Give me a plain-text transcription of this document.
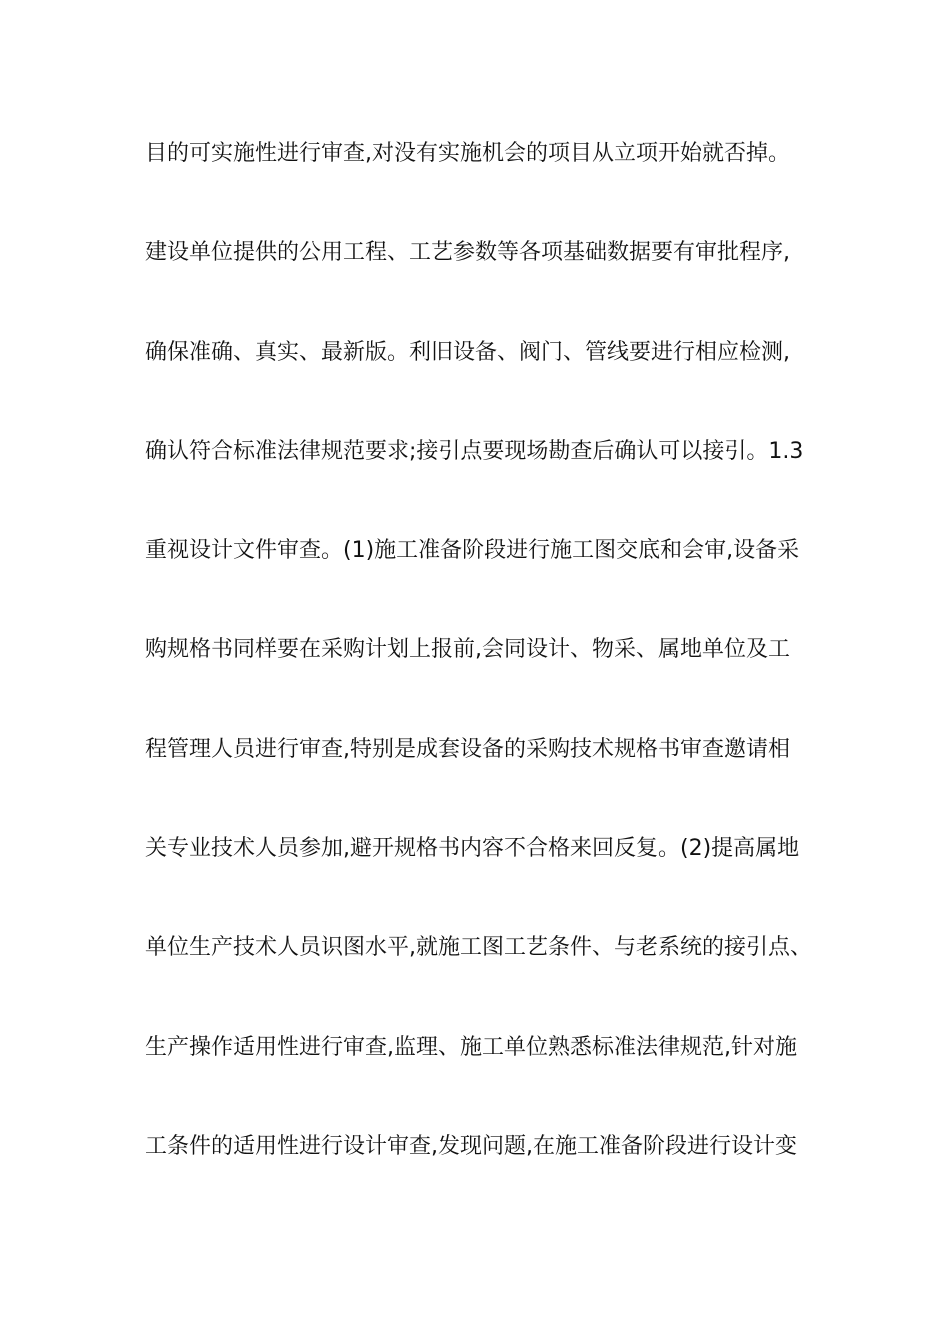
目的可实施性进行审查,对没有实施机会的项目从立项开始就否掉。
建设单位提供的公用工程、工艺参数等各项基础数据要有审批程序,
确保准确、真实、最新版。利旧设备、阀门、管线要进行相应检测,
确认符合标准法律规范要求;接引点要现场勘查后确认可以接引。1.3
重视设计文件审查。(1)施工准备阶段进行施工图交底和会审,设备采
购规格书同样要在采购计划上报前,会同设计、物采、属地单位及工
程管理人员进行审查,特别是成套设备的采购技术规格书审查邀请相
关专业技术人员参加,避开规格书内容不合格来回反复。(2)提高属地
单位生产技术人员识图水平,就施工图工艺条件、与老系统的接引点、
生产操作适用性进行审查,监理、施工单位熟悉标准法律规范,针对施
工条件的适用性进行设计审查,发现问题,在施工准备阶段进行设计变
